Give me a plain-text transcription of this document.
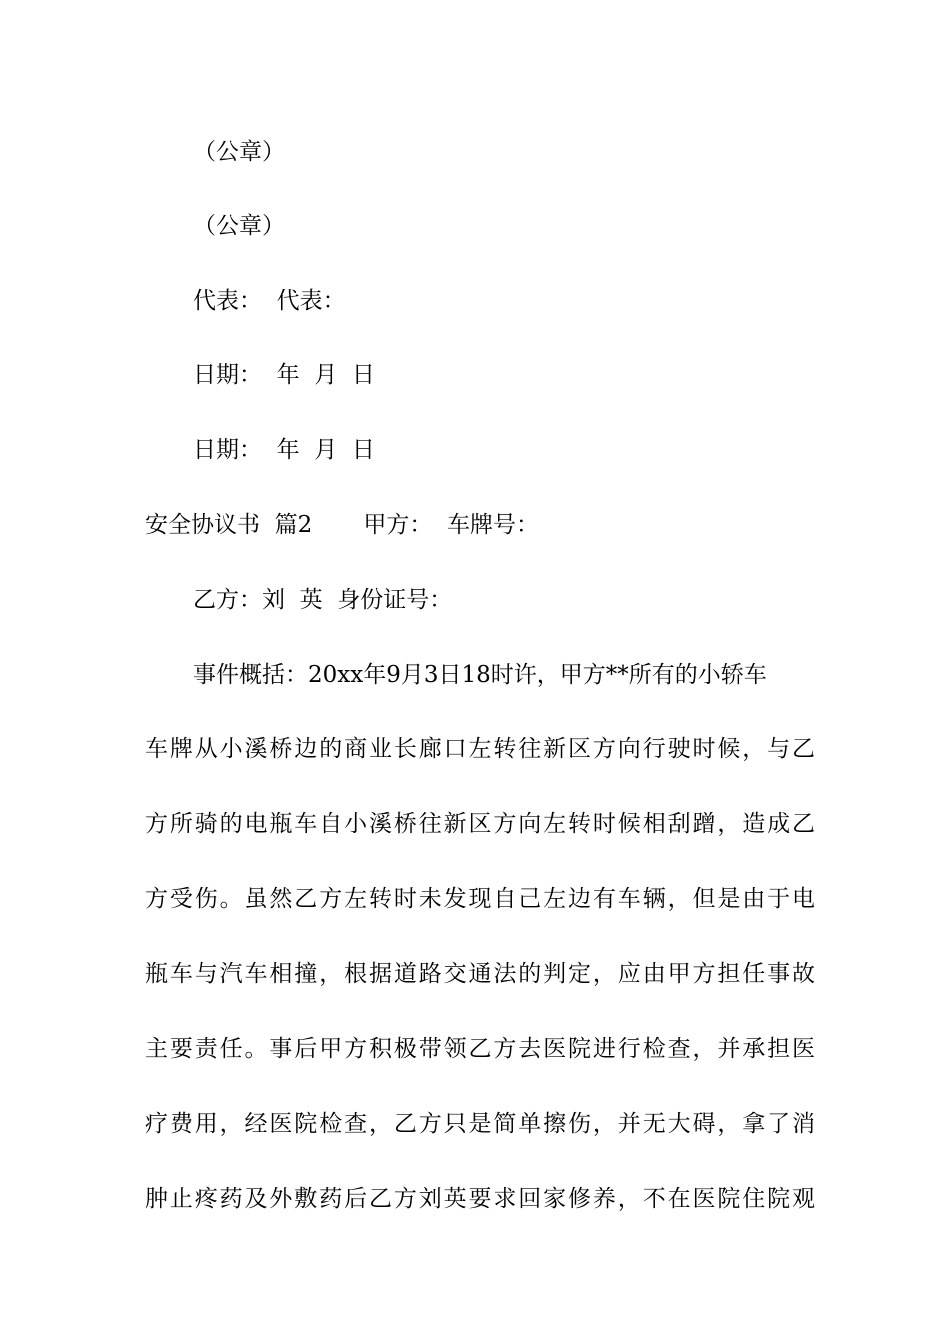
（公章）
（公章）
代表：  代表：
日期：  年  月  日
日期：  年  月  日
安全协议书  篇2       甲方：  车牌号：
乙方：刘  英  身份证号：
事件概括：20xx年9月3日18时许，甲方**所有的小轿车
车牌从小溪桥边的商业长廊口左转往新区方向行驶时候，与乙
方所骑的电瓶车自小溪桥往新区方向左转时候相刮蹭，造成乙
方受伤。虽然乙方左转时未发现自己左边有车辆，但是由于电
瓶车与汽车相撞，根据道路交通法的判定，应由甲方担任事故
主要责任。事后甲方积极带领乙方去医院进行检查，并承担医
疗费用，经医院检查，乙方只是简单擦伤，并无大碍，拿了消
肿止疼药及外敷药后乙方刘英要求回家修养，不在医院住院观
